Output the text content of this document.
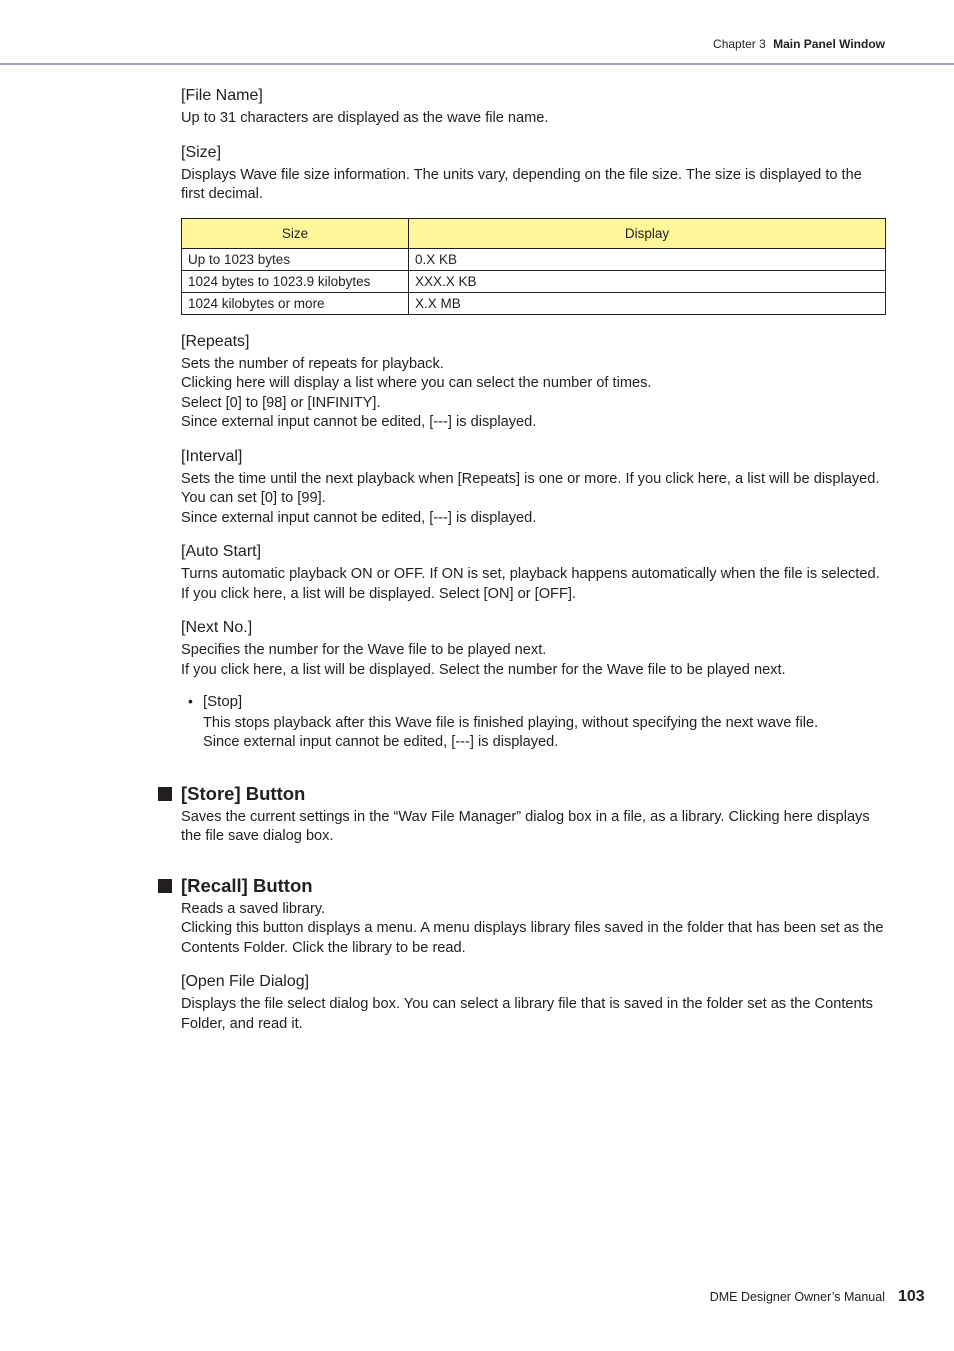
Chapter 3 Main Panel Window

[File Name]

Up to 31 characters are displayed as the wave file name.

[Size]

Displays Wave file size information. The units vary, depending on the file size. The size is displayed to the first decimal.

Size	Display
Up to 1023 bytes	0.X KB
1024 bytes to 1023.9 kilobytes	XXX.X KB
1024 kilobytes or more	X.X MB

[Repeats]

Sets the number of repeats for playback.

Clicking here will display a list where you can select the number of times.

Select [0] to [98] or [INFINITY].

Since external input cannot be edited, [---] is displayed.

[Interval]

Sets the time until the next playback when [Repeats] is one or more. If you click here, a list will be displayed. You can set [0] to [99].

Since external input cannot be edited, [---] is displayed.

[Auto Start]

Turns automatic playback ON or OFF. If ON is set, playback happens automatically when the file is selected.

If you click here, a list will be displayed. Select [ON] or [OFF].

[Next No.]

Specifies the number for the Wave file to be played next.

If you click here, a list will be displayed. Select the number for the Wave file to be played next.

• [Stop]

This stops playback after this Wave file is finished playing, without specifying the next wave file.

Since external input cannot be edited, [---] is displayed.

[Store] Button

Saves the current settings in the “Wav File Manager” dialog box in a file, as a library. Clicking here displays the file save dialog box.

[Recall] Button

Reads a saved library.

Clicking this button displays a menu. A menu displays library files saved in the folder that has been set as the Contents Folder. Click the library to be read.

[Open File Dialog]

Displays the file select dialog box. You can select a library file that is saved in the folder set as the Contents Folder, and read it.

DME Designer Owner’s Manual 103
